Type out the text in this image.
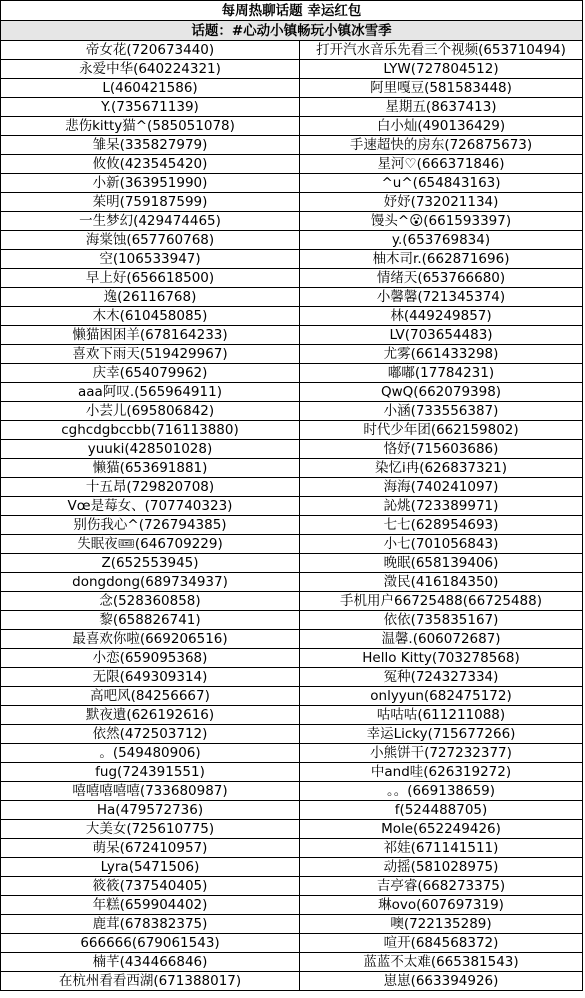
每周热聊话题 幸运红包	
话题：#心动小镇畅玩小镇冰雪季	
帝女花(720673440)	打开汽水音乐先看三个视频(653710494)
永爱中华(640224321)	LYW(727804512)
L(460421586)	阿里嘎豆(581583448)
Y.(735671139)	星期五(8637413)
悲伤kitty猫^(585051078)	白小灿(490136429)
雏呆(335827979)	手速超快的房东(726875673)
攸攸(423545420)	星河♡(666371846)
小新(363951990)	^u^(654843163)
茱明(759187599)	妤妤(732021134)
一生梦幻(429474465)	馒头^😮(661593397)
海棠蚀(657760768)	y.(653769834)
空(106533947)	柚木司r.(662871696)
早上好(656618500)	情绪天(653766680)
逸(26116768)	小馨馨(721345374)
木木(610458085)	林(449249857)
懒猫困困羊(678164233)	LV(703654483)
喜欢下雨天(519429967)	尤雾(661433298)
庆幸(654079962)	嘟嘟(17784231)
aaa阿叹.(565964911)	QwQ(662079398)
小芸儿(695806842)	小涵(733556387)
cghcdgbccbb(716113880)	时代少年团(662159802)
yuuki(428501028)	恪妤(715603686)
懒猫(653691881)	染忆i冉(626837321)
十五昂(729820708)	海海(740241097)
Vœ是莓女、(707740323)	訫烑(723389971)
别伤我心^(726794385)	七七(628954693)
失眠夜🎟(646709229)	小七(701056843)
Z(652553945)	晚眠(658139406)
dongdong(689734937)	澂民(416184350)
念(528360858)	手机用户66725488(66725488)
黎(658826741)	依依(735835167)
最喜欢你啦(669206516)	温馨.(606072687)
小恋(659095368)	Hello Kitty(703278568)
无限(649309314)	冤种(724327334)
高吧风(84256667)	onlyyun(682475172)
默夜遺(626192616)	咕咕咕(611211088)
依然(472503712)	幸运Licky(715677266)
。(549480906)	小熊饼干(727232377)
fug(724391551)	中and哇(626319272)
嘻嘻嘻嘻嘻(733680987)	。。(669138659)
Ha(479572736)	f(524488705)
大美女(725610775)	Mole(652249426)
萌呆(672410957)	祁娃(671141511)
Lyra(5471506)	动摇(581028975)
筱筱(737540405)	吉亭睿(668273375)
年糕(659904402)	琳ovo(607697319)
鹿茸(678382375)	噢(722135289)
666666(679061543)	喧开(684568372)
楠芊(434466846)	蓝蓝不太难(665381543)
在杭州看看西湖(671388017)	崽崽(663394926)
